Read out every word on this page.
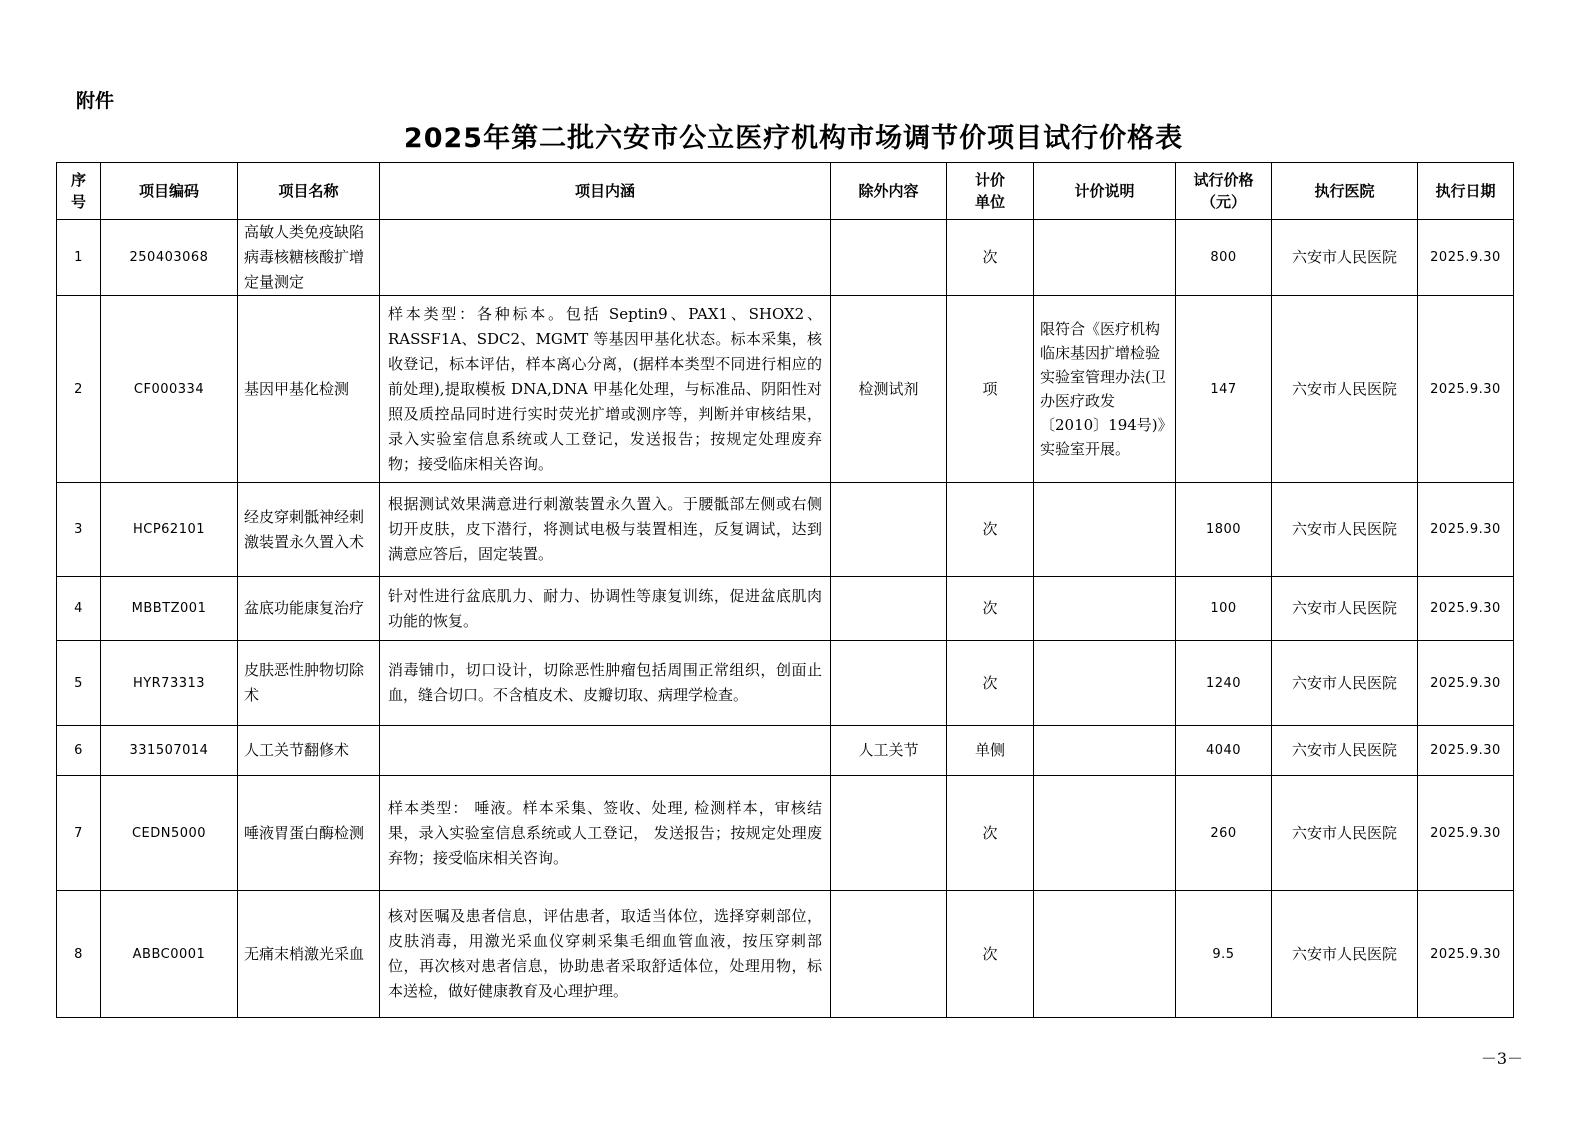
附件
2025年第二批六安市公立医疗机构市场调节价项目试行价格表
序号	项目编码	项目名称	项目内涵	除外内容	计价单位	计价说明	试行价格（元）	执行医院	执行日期
1	250403068	高敏人类免疫缺陷病毒核糖核酸扩增定量测定			次		800	六安市人民医院	2025.9.30
2	CF000334	基因甲基化检测	样本类型：各种标本。包括 Septin9、PAX1、SHOX2、RASSF1A、SDC2、MGMT 等基因甲基化状态。标本采集，核收登记，标本评估，样本离心分离，(据样本类型不同进行相应的前处理),提取模板 DNA,DNA 甲基化处理，与标准品、阴阳性对照及质控品同时进行实时荧光扩增或测序等，判断并审核结果，录入实验室信息系统或人工登记，发送报告；按规定处理废弃物；接受临床相关咨询。	检测试剂	项	限符合《医疗机构临床基因扩增检验实验室管理办法(卫办医疗政发〔2010〕194号)》实验室开展。	147	六安市人民医院	2025.9.30
3	HCP62101	经皮穿刺骶神经刺激装置永久置入术	根据测试效果满意进行刺激装置永久置入。于腰骶部左侧或右侧切开皮肤，皮下潜行，将测试电极与装置相连，反复调试，达到满意应答后，固定装置。		次		1800	六安市人民医院	2025.9.30
4	MBBTZ001	盆底功能康复治疗	针对性进行盆底肌力、耐力、协调性等康复训练，促进盆底肌肉功能的恢复。		次		100	六安市人民医院	2025.9.30
5	HYR73313	皮肤恶性肿物切除术	消毒铺巾，切口设计，切除恶性肿瘤包括周围正常组织，创面止血，缝合切口。不含植皮术、皮瓣切取、病理学检查。		次		1240	六安市人民医院	2025.9.30
6	331507014	人工关节翻修术		人工关节	单侧		4040	六安市人民医院	2025.9.30
7	CEDN5000	唾液胃蛋白酶检测	样本类型： 唾液。样本采集、签收、处理, 检测样本，审核结果，录入实验室信息系统或人工登记， 发送报告；按规定处理废弃物；接受临床相关咨询。		次		260	六安市人民医院	2025.9.30
8	ABBC0001	无痛末梢激光采血	核对医嘱及患者信息，评估患者，取适当体位，选择穿刺部位，皮肤消毒，用激光采血仪穿刺采集毛细血管血液，按压穿刺部位，再次核对患者信息，协助患者采取舒适体位，处理用物，标本送检，做好健康教育及心理护理。		次		9.5	六安市人民医院	2025.9.30
－3－
